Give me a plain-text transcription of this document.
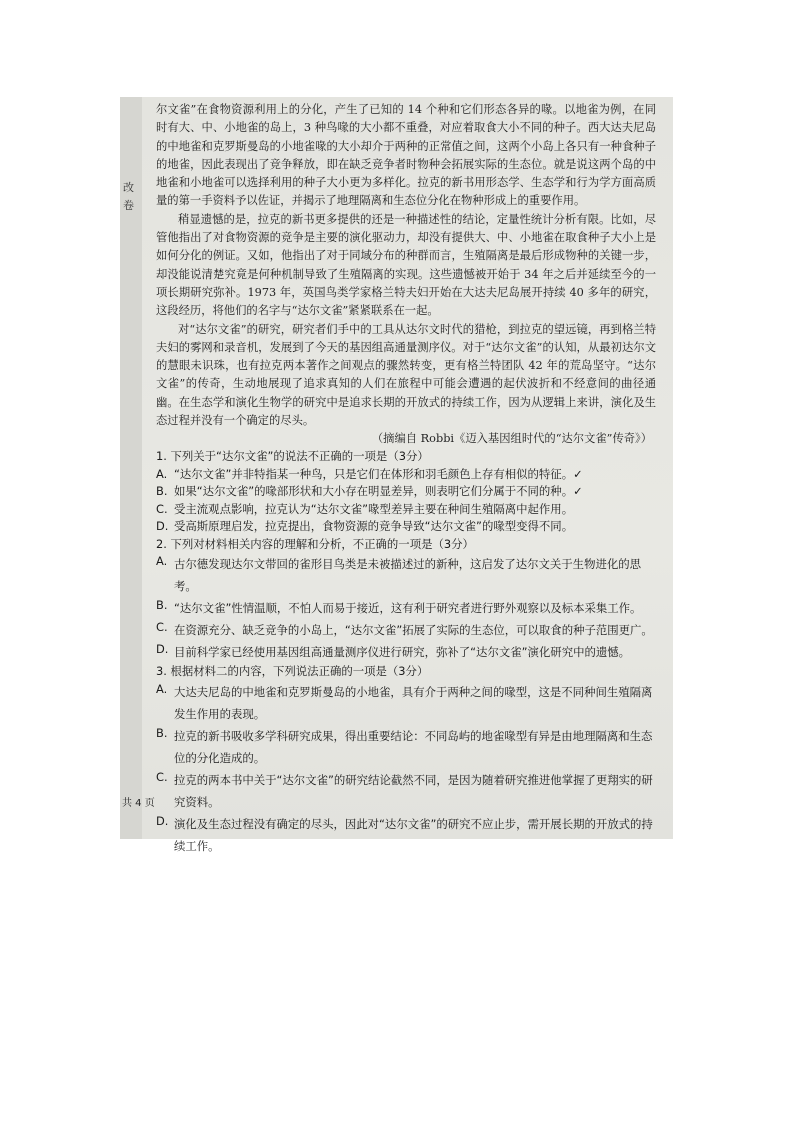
改
卷

尔文雀”在食物资源利用上的分化，产生了已知的 14 个种和它们形态各异的喙。以地雀为例，在同时有大、中、小地雀的岛上，3 种鸟喙的大小都不重叠，对应着取食大小不同的种子。西大达夫尼岛的中地雀和克罗斯曼岛的小地雀喙的大小却介于两种的正常值之间，这两个小岛上各只有一种食种子的地雀，因此表现出了竞争释放，即在缺乏竞争者时物种会拓展实际的生态位。就是说这两个岛的中地雀和小地雀可以选择利用的种子大小更为多样化。拉克的新书用形态学、生态学和行为学方面高质量的第一手资料予以佐证，并揭示了地理隔离和生态位分化在物种形成上的重要作用。

稍显遗憾的是，拉克的新书更多提供的还是一种描述性的结论，定量性统计分析有限。比如，尽管他指出了对食物资源的竞争是主要的演化驱动力，却没有提供大、中、小地雀在取食种子大小上是如何分化的例证。又如，他指出了对于同域分布的种群而言，生殖隔离是最后形成物种的关键一步，却没能说清楚究竟是何种机制导致了生殖隔离的实现。这些遗憾被开始于 34 年之后并延续至今的一项长期研究弥补。1973 年，英国鸟类学家格兰特夫妇开始在大达夫尼岛展开持续 40 多年的研究，这段经历，将他们的名字与“达尔文雀”紧紧联系在一起。

对“达尔文雀”的研究，研究者们手中的工具从达尔文时代的猎枪，到拉克的望远镜，再到格兰特夫妇的雾网和录音机，发展到了今天的基因组高通量测序仪。对于“达尔文雀”的认知，从最初达尔文的慧眼未识珠，也有拉克两本著作之间观点的骤然转变，更有格兰特团队 42 年的荒岛坚守。“达尔文雀”的传奇，生动地展现了追求真知的人们在旅程中可能会遭遇的起伏波折和不经意间的曲径通幽。在生态学和演化生物学的研究中是追求长期的开放式的持续工作，因为从逻辑上来讲，演化及生态过程并没有一个确定的尽头。

（摘编自 Robbi《迈入基因组时代的“达尔文雀”传奇》）

1. 下列关于“达尔文雀”的说法不正确的一项是（3分）

A. “达尔文雀”并非特指某一种鸟，只是它们在体形和羽毛颜色上存有相似的特征。✓
B. 如果“达尔文雀”的喙部形状和大小存在明显差异，则表明它们分属于不同的种。✓
C. 受主流观点影响，拉克认为“达尔文雀”喙型差异主要在种间生殖隔离中起作用。
D. 受高斯原理启发，拉克提出，食物资源的竞争导致“达尔文雀”的喙型变得不同。

2. 下列对材料相关内容的理解和分析，不正确的一项是（3分）

A. 古尔德发现达尔文带回的雀形目鸟类是未被描述过的新种，这启发了达尔文关于生物进化的思考。
B. “达尔文雀”性情温顺，不怕人而易于接近，这有利于研究者进行野外观察以及标本采集工作。
C. 在资源充分、缺乏竞争的小岛上，“达尔文雀”拓展了实际的生态位，可以取食的种子范围更广。
D. 目前科学家已经使用基因组高通量测序仪进行研究，弥补了“达尔文雀”演化研究中的遗憾。

3. 根据材料二的内容，下列说法正确的一项是（3分）

A. 大达夫尼岛的中地雀和克罗斯曼岛的小地雀，具有介于两种之间的喙型，这是不同种间生殖隔离发生作用的表现。
B. 拉克的新书吸收多学科研究成果，得出重要结论：不同岛屿的地雀喙型有异是由地理隔离和生态位的分化造成的。
C. 拉克的两本书中关于“达尔文雀”的研究结论截然不同，是因为随着研究推进他掌握了更翔实的研究资料。
D. 演化及生态过程没有确定的尽头，因此对“达尔文雀”的研究不应止步，需开展长期的开放式的持续工作。
共 4 页
